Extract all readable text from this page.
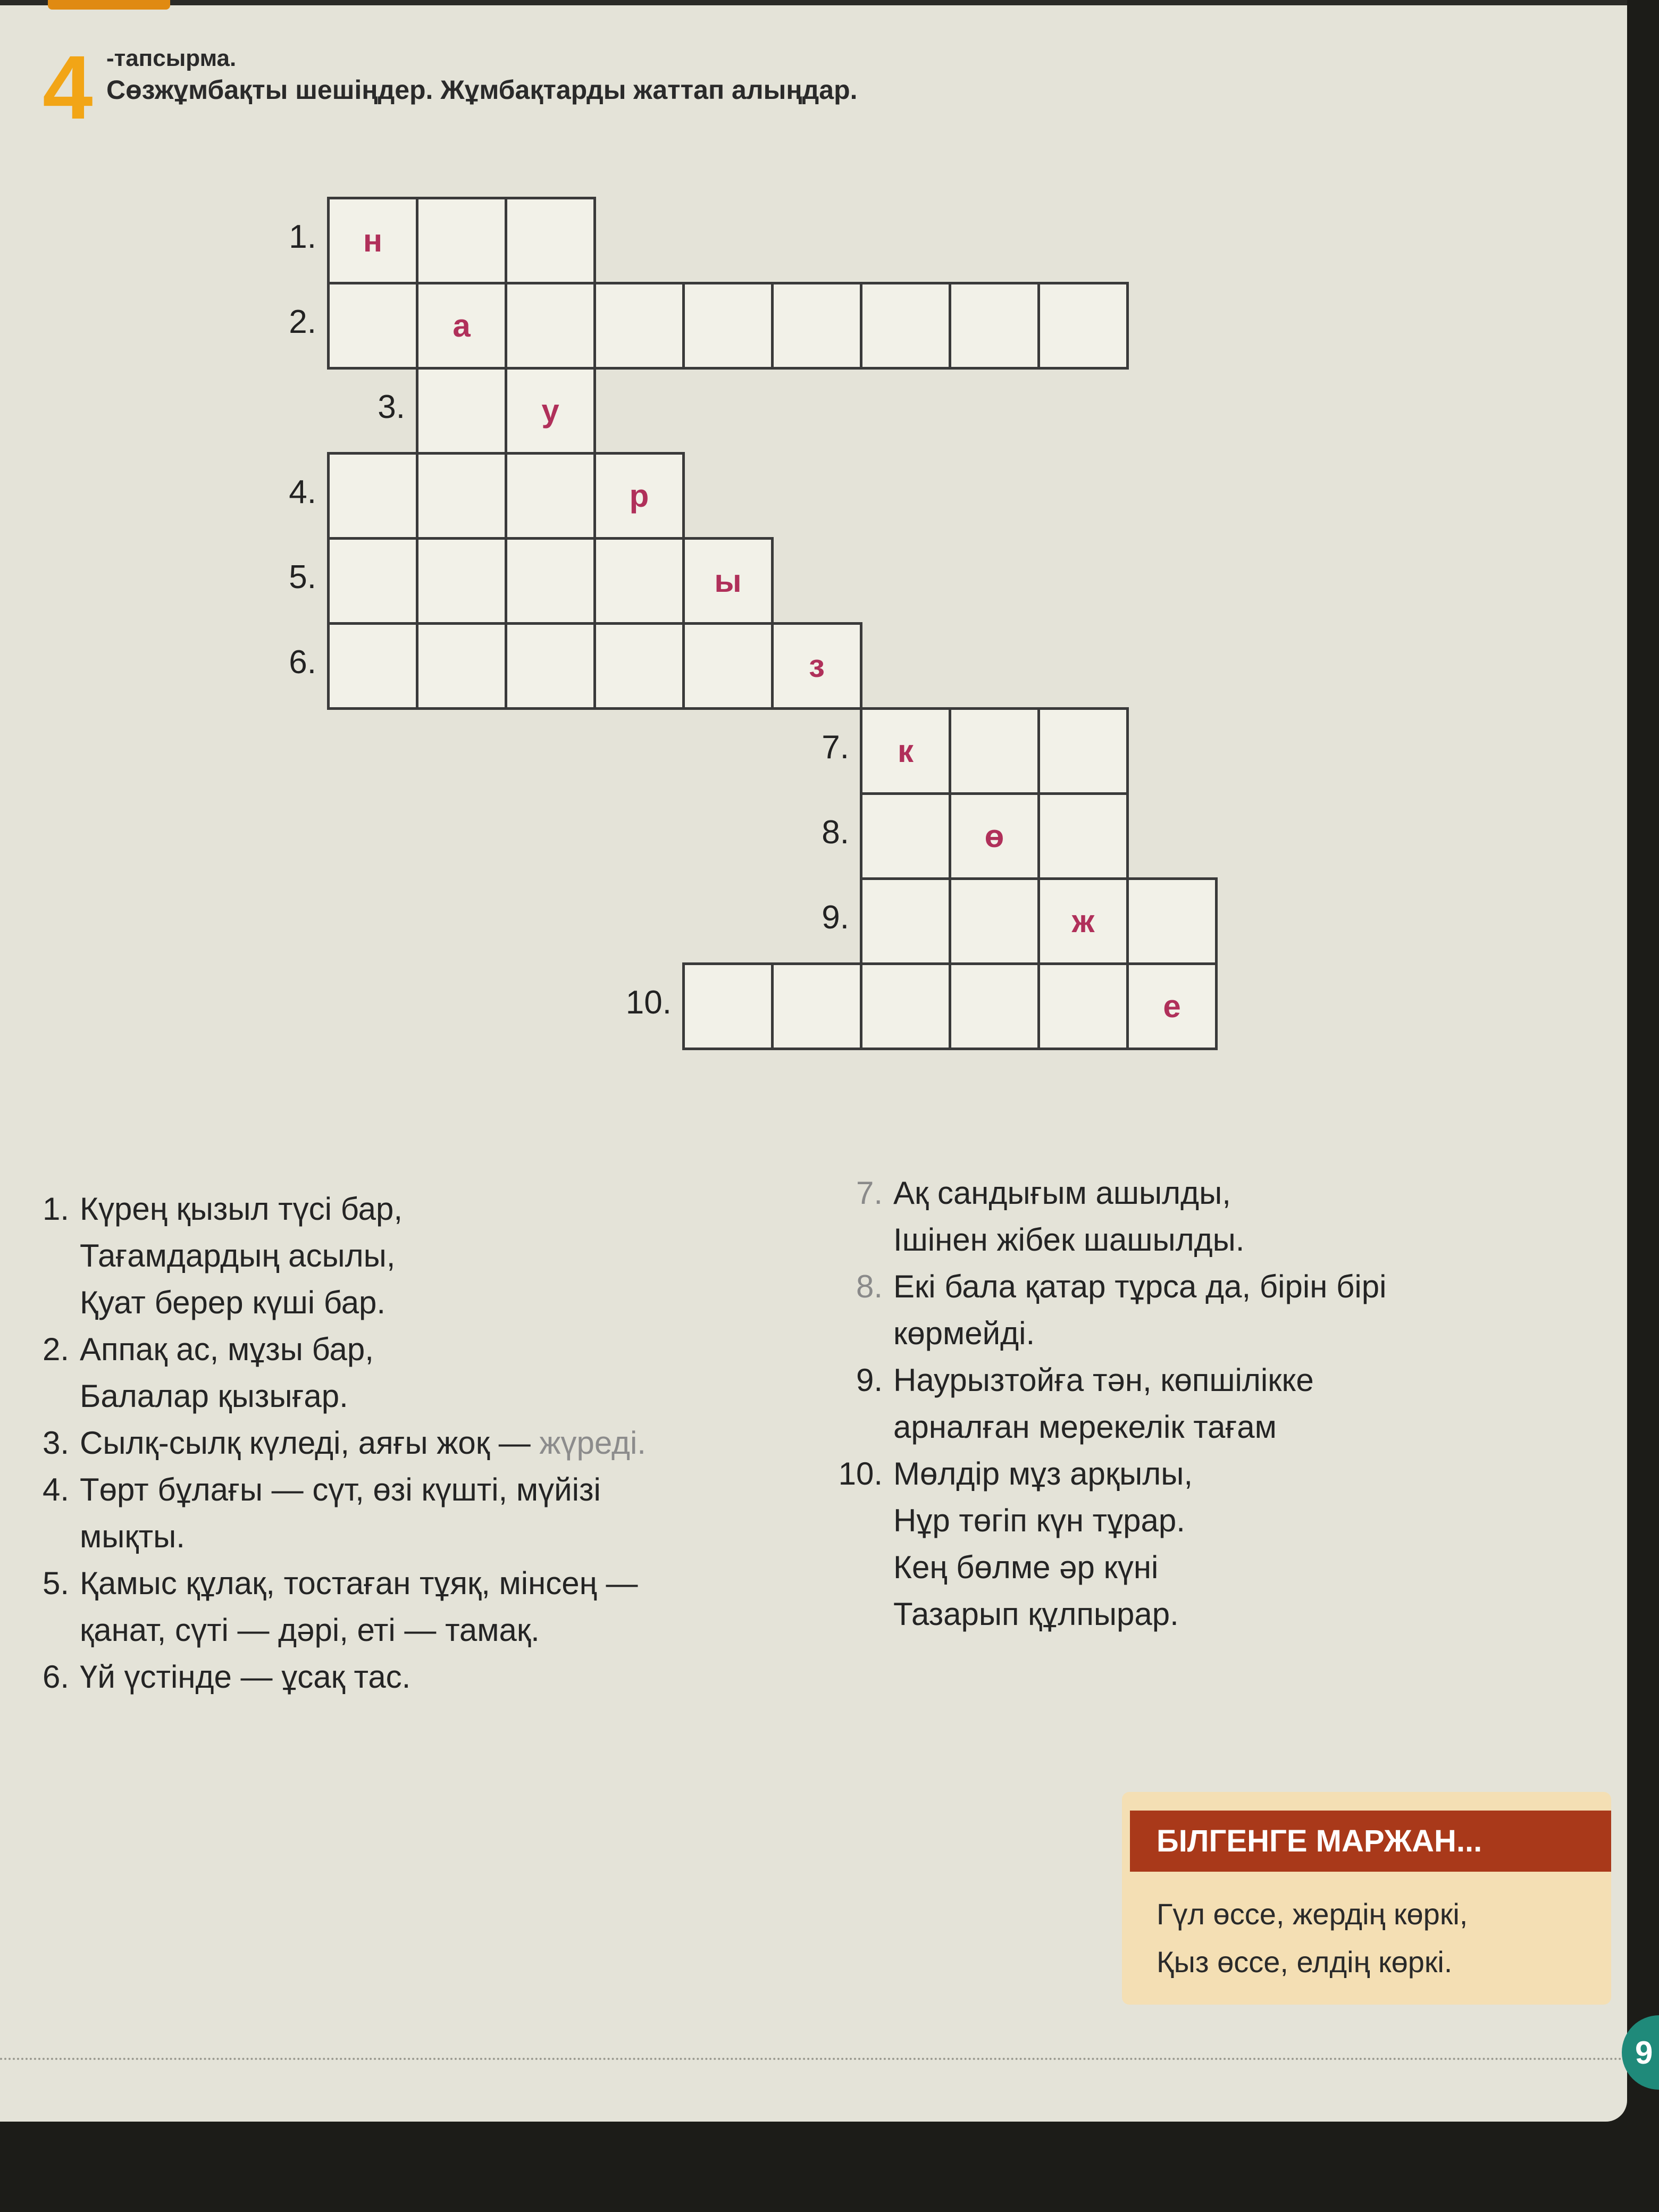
4 -тапсырма.
Сөзжұмбақты шешіңдер. Жұмбақтарды жаттап алыңдар.
н
1.
а
2.
у
3.
р
4.
ы
5.
з
6.
к
7.
ө
8.
ж
9.
е
10.
1. Күрең қызыл түсі бар,
Тағамдардың асылы,
Қуат берер күші бар.
2. Аппақ ас, мұзы бар,
Балалар қызығар.
3. Сылқ-сылқ күледі, аяғы жоқ — жүреді.
4. Төрт бұлағы — сүт, өзі күшті, мүйізі
мықты.
5. Қамыс құлақ, тостаған тұяқ, мінсең —
қанат, сүті — дәрі, еті — тамақ.
6. Үй үстінде — ұсақ тас.
7. Ақ сандығым ашылды,
Ішінен жібек шашылды.
8. Екі бала қатар тұрса да, бірін бірі
көрмейді.
9. Наурызтойға тән, көпшілікке
арналған мерекелік тағам
10. Мөлдір мұз арқылы,
Нұр төгіп күн тұрар.
Кең бөлме әр күні
Тазарып құлпырар.
БІЛГЕНГЕ МАРЖАН...
Гүл өссе, жердің көркі,
Қыз өссе, елдің көркі.
9
